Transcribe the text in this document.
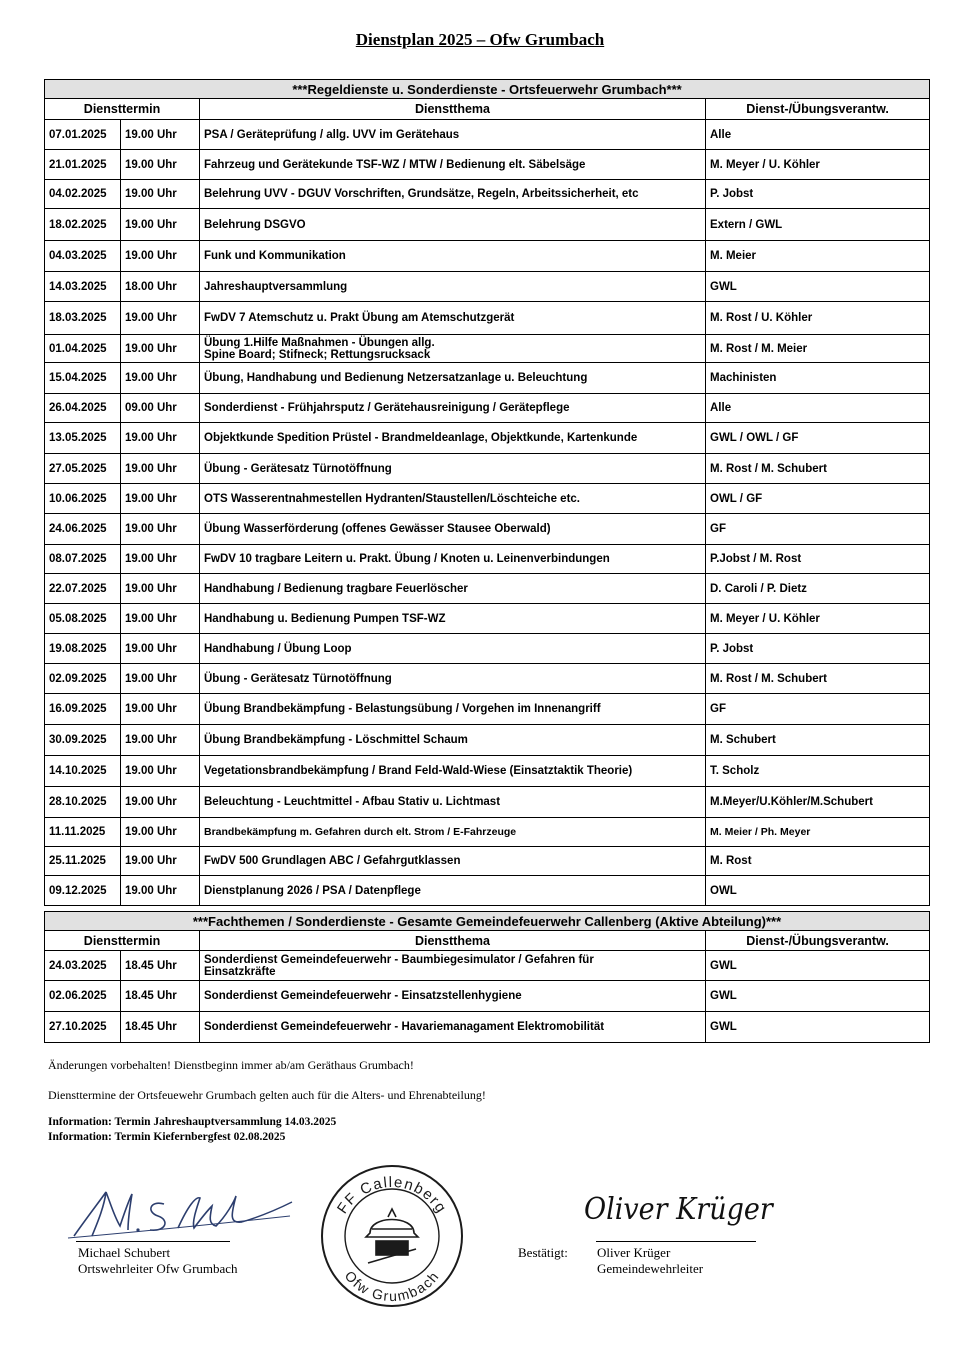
Dienstplan 2025 – Ofw Grumbach
***Regeldienste u. Sonderdienste - Ortsfeuerwehr Grumbach***			
Diensttermin		Dienstthema	Dienst-/Übungsverantw.
07.01.2025	19.00 Uhr	PSA / Geräteprüfung / allg. UVV im Gerätehaus	Alle
21.01.2025	19.00 Uhr	Fahrzeug und Gerätekunde TSF-WZ / MTW / Bedienung elt. Säbelsäge	M. Meyer / U. Köhler
04.02.2025	19.00 Uhr	Belehrung UVV - DGUV Vorschriften, Grundsätze, Regeln, Arbeitssicherheit, etc	P. Jobst
18.02.2025	19.00 Uhr	Belehrung DSGVO	Extern / GWL
04.03.2025	19.00 Uhr	Funk und Kommunikation	M. Meier
14.03.2025	18.00 Uhr	Jahreshauptversammlung	GWL
18.03.2025	19.00 Uhr	FwDV 7 Atemschutz u. Prakt Übung am Atemschutzgerät	M. Rost / U. Köhler
01.04.2025	19.00 Uhr	Übung 1.Hilfe Maßnahmen - Übungen allg.
Spine Board; Stifneck; Rettungsrucksack	M. Rost / M. Meier
15.04.2025	19.00 Uhr	Übung, Handhabung und Bedienung Netzersatzanlage u. Beleuchtung	Machinisten
26.04.2025	09.00 Uhr	Sonderdienst - Frühjahrsputz / Gerätehausreinigung / Gerätepflege	Alle
13.05.2025	19.00 Uhr	Objektkunde Spedition Prüstel - Brandmeldeanlage, Objektkunde, Kartenkunde	GWL / OWL / GF
27.05.2025	19.00 Uhr	Übung - Gerätesatz Türnotöffnung	M. Rost / M. Schubert
10.06.2025	19.00 Uhr	OTS Wasserentnahmestellen Hydranten/Staustellen/Löschteiche etc.	OWL / GF
24.06.2025	19.00 Uhr	Übung Wasserförderung (offenes Gewässer Stausee Oberwald)	GF
08.07.2025	19.00 Uhr	FwDV 10 tragbare Leitern u. Prakt. Übung / Knoten u. Leinenverbindungen	P.Jobst / M. Rost
22.07.2025	19.00 Uhr	Handhabung / Bedienung tragbare Feuerlöscher	D. Caroli / P. Dietz
05.08.2025	19.00 Uhr	Handhabung u. Bedienung Pumpen TSF-WZ	M. Meyer / U. Köhler
19.08.2025	19.00 Uhr	Handhabung / Übung Loop	P. Jobst
02.09.2025	19.00 Uhr	Übung - Gerätesatz Türnotöffnung	M. Rost / M. Schubert
16.09.2025	19.00 Uhr	Übung Brandbekämpfung - Belastungsübung / Vorgehen im Innenangriff	GF
30.09.2025	19.00 Uhr	Übung Brandbekämpfung - Löschmittel Schaum	M. Schubert
14.10.2025	19.00 Uhr	Vegetationsbrandbekämpfung / Brand Feld-Wald-Wiese (Einsatztaktik Theorie)	T. Scholz
28.10.2025	19.00 Uhr	Beleuchtung - Leuchtmittel - Afbau Stativ u. Lichtmast	M.Meyer/U.Köhler/M.Schubert
11.11.2025	19.00 Uhr	Brandbekämpfung m. Gefahren durch elt. Strom / E-Fahrzeuge	M. Meier / Ph. Meyer
25.11.2025	19.00 Uhr	FwDV 500 Grundlagen ABC / Gefahrgutklassen	M. Rost
09.12.2025	19.00 Uhr	Dienstplanung 2026 / PSA / Datenpflege	OWL
***Fachthemen / Sonderdienste - Gesamte Gemeindefeuerwehr Callenberg (Aktive Abteilung)***			
Diensttermin		Dienstthema	Dienst-/Übungsverantw.
24.03.2025	18.45 Uhr	Sonderdienst Gemeindefeuerwehr - Baumbiegesimulator / Gefahren für
Einsatzkräfte	GWL
02.06.2025	18.45 Uhr	Sonderdienst Gemeindefeuerwehr - Einsatzstellenhygiene	GWL
27.10.2025	18.45 Uhr	Sonderdienst Gemeindefeuerwehr - Havariemanagament Elektromobilität	GWL
Änderungen vorbehalten! Dienstbeginn immer ab/am Geräthaus Grumbach!
Diensttermine der Ortsfeuewehr Grumbach gelten auch für die Alters- und Ehrenabteilung!
Information: Termin Jahreshauptversammlung 14.03.2025
Information: Termin Kiefernbergfest 02.08.2025
Michael Schubert
Ortswehrleiter Ofw Grumbach
FF Callenberg
Ofw Grumbach
Bestätigt:
Oliver Krüger
Oliver Krüger
Gemeindewehrleiter
